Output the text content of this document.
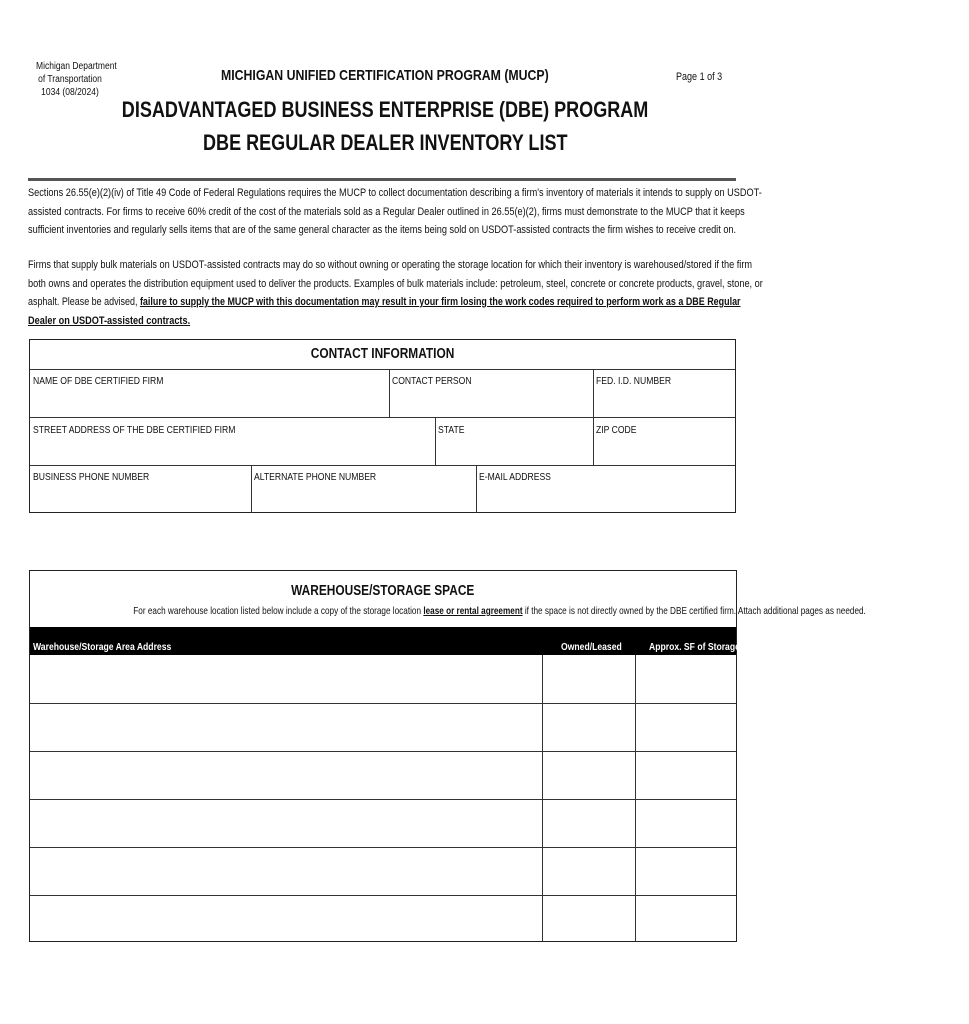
Michigan Department
of Transportation
1034 (08/2024)
Page 1 of 3
MICHIGAN UNIFIED CERTIFICATION PROGRAM (MUCP)
DISADVANTAGED BUSINESS ENTERPRISE (DBE) PROGRAM
DBE REGULAR DEALER INVENTORY LIST
Sections 26.55(e)(2)(iv) of Title 49 Code of Federal Regulations requires the MUCP to collect documentation describing a firm's inventory of materials it intends to supply on USDOT-
assisted contracts. For firms to receive 60% credit of the cost of the materials sold as a Regular Dealer outlined in 26.55(e)(2), firms must demonstrate to the MUCP that it keeps
sufficient inventories and regularly sells items that are of the same general character as the items being sold on USDOT-assisted contracts the firm wishes to receive credit on.
Firms that supply bulk materials on USDOT-assisted contracts may do so without owning or operating the storage location for which their inventory is warehoused/stored if the firm
both owns and operates the distribution equipment used to deliver the products. Examples of bulk materials include: petroleum, steel, concrete or concrete products, gravel, stone, or
asphalt. Please be advised, failure to supply the MUCP with this documentation may result in your firm losing the work codes required to perform work as a DBE Regular
Dealer on USDOT-assisted contracts.
CONTACT INFORMATION
NAME OF DBE CERTIFIED FIRM	CONTACT PERSON	FED. I.D. NUMBER
STREET ADDRESS OF THE DBE CERTIFIED FIRM	STATE	ZIP CODE
BUSINESS PHONE NUMBER	ALTERNATE PHONE NUMBER	E-MAIL ADDRESS
WAREHOUSE/STORAGE SPACE
For each warehouse location listed below include a copy of the storage location lease or rental agreement if the space is not directly owned by the DBE certified firm. Attach additional pages as needed.
Warehouse/Storage Area Address	Owned/Leased	Approx. SF of Storage
